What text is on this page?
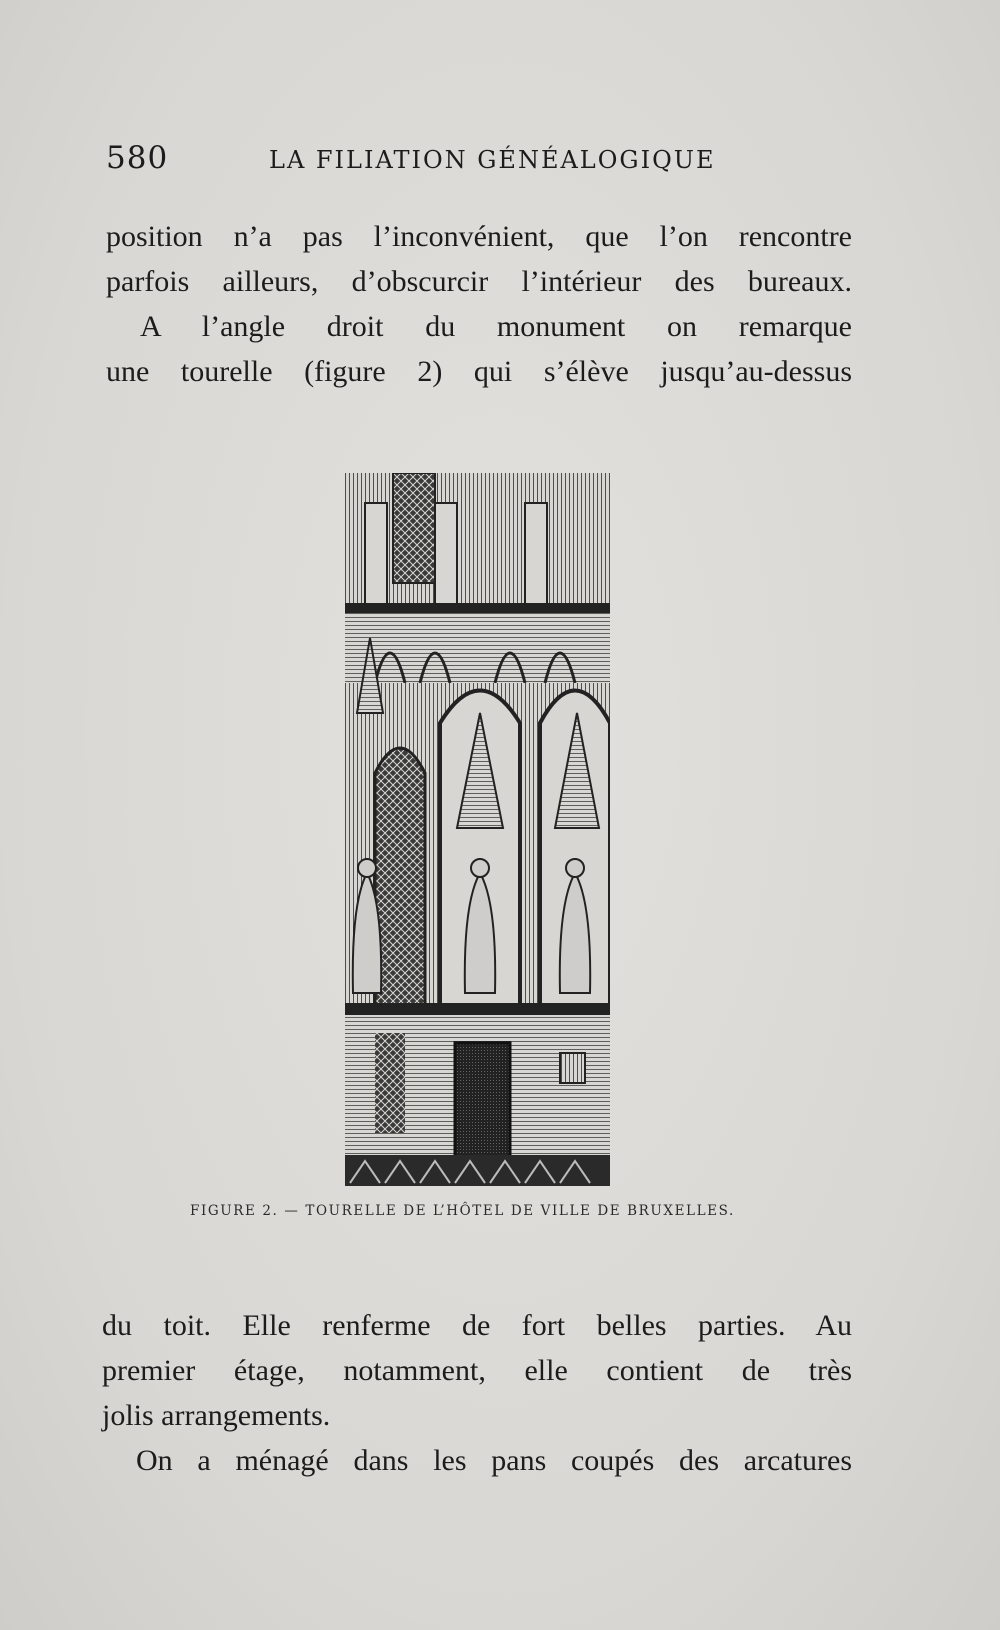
580	LA FILIATION GÉNÉALOGIQUE
position n’a pas l’inconvénient, que l’on rencontre
parfois ailleurs, d’obscurcir l’intérieur des bureaux.
A l’angle droit du monument on remarque
une tourelle (figure 2) qui s’élève jusqu’au-dessus
FIGURE 2. — TOURELLE DE L’HÔTEL DE VILLE DE BRUXELLES.
du toit. Elle renferme de fort belles parties. Au
premier étage, notamment, elle contient de très
jolis arrangements.
On a ménagé dans les pans coupés des arcatures
